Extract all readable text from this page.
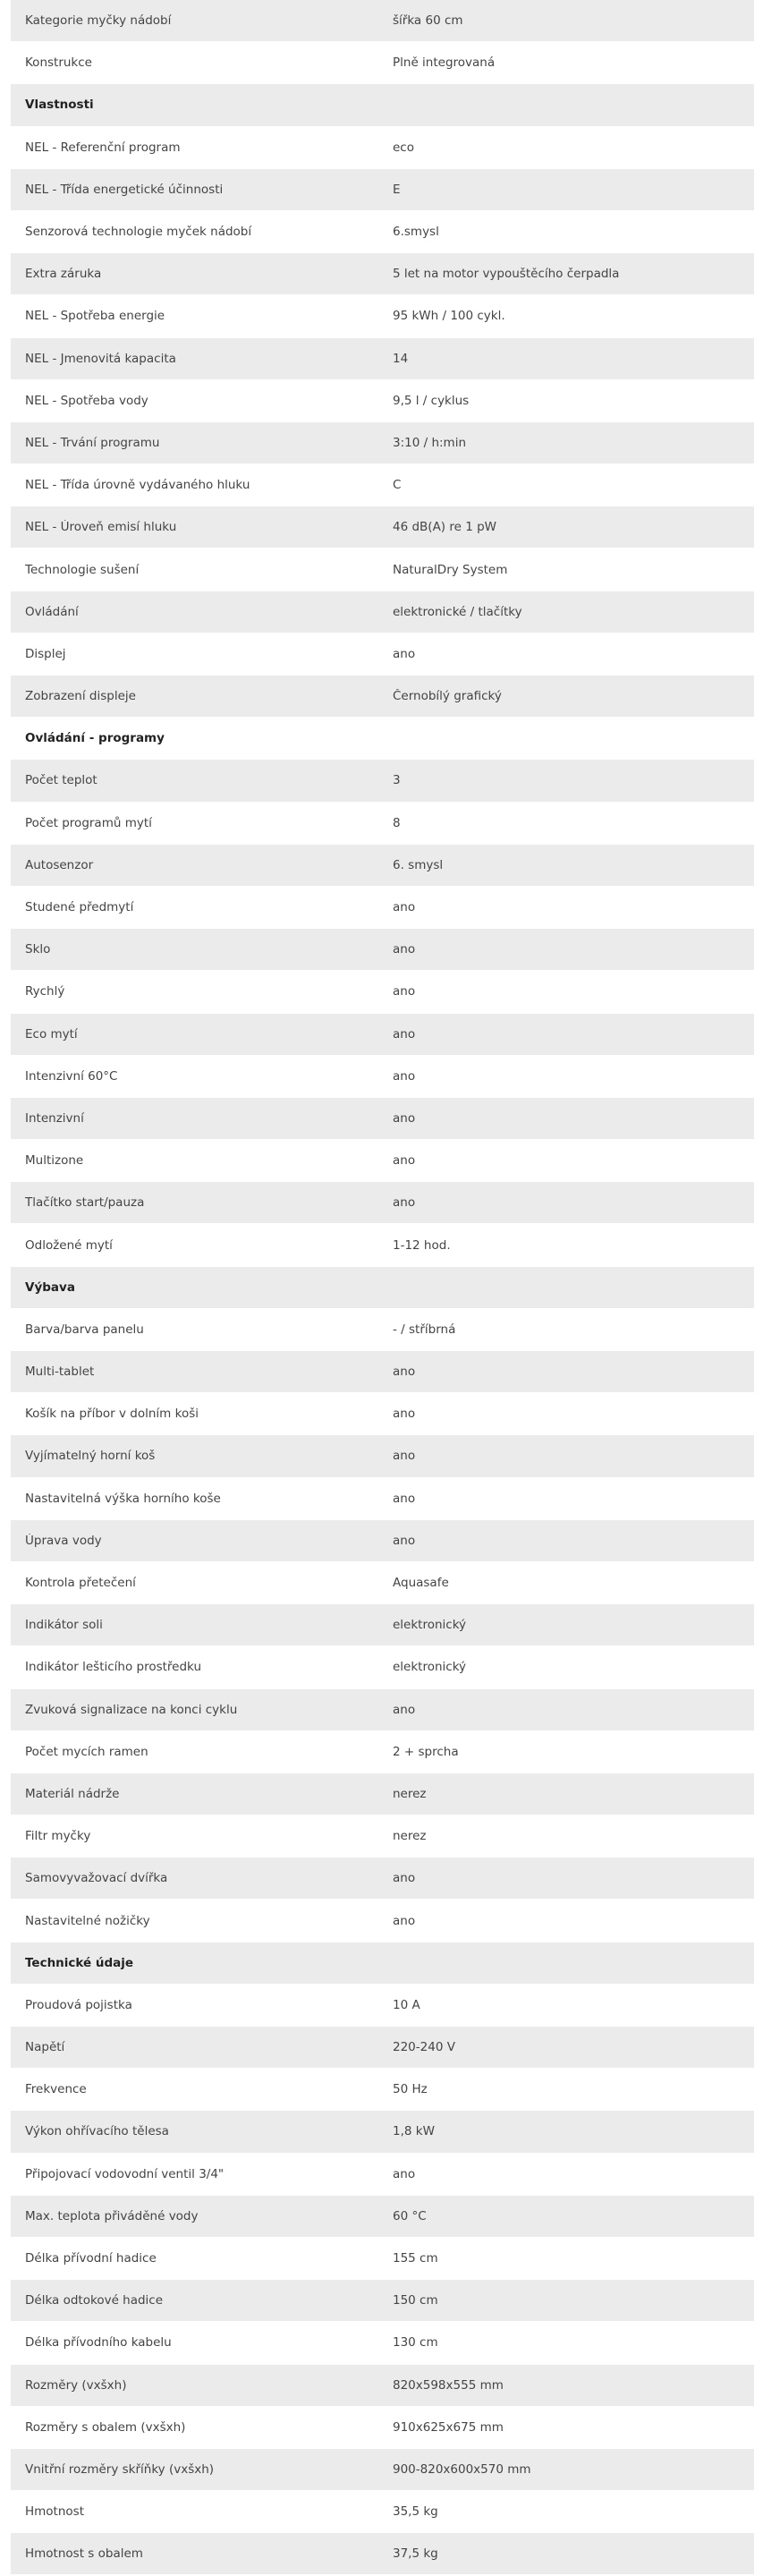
Kategorie myčky nádobí	šířka 60 cm
Konstrukce	Plně integrovaná
Vlastnosti
NEL - Referenční program	eco
NEL - Třída energetické účinnosti	E
Senzorová technologie myček nádobí	6.smysl
Extra záruka	5 let na motor vypouštěcího čerpadla
NEL - Spotřeba energie	95 kWh / 100 cykl.
NEL - Jmenovitá kapacita	14
NEL - Spotřeba vody	9,5 l / cyklus
NEL - Trvání programu	3:10 / h:min
NEL - Třída úrovně vydávaného hluku	C
NEL - Úroveň emisí hluku	46 dB(A) re 1 pW
Technologie sušení	NaturalDry System
Ovládání	elektronické / tlačítky
Displej	ano
Zobrazení displeje	Černobílý grafický
Ovládání - programy
Počet teplot	3
Počet programů mytí	8
Autosenzor	6. smysl
Studené předmytí	ano
Sklo	ano
Rychlý	ano
Eco mytí	ano
Intenzivní 60°C	ano
Intenzivní	ano
Multizone	ano
Tlačítko start/pauza	ano
Odložené mytí	1-12 hod.
Výbava
Barva/barva panelu	- / stříbrná
Multi-tablet	ano
Košík na příbor v dolním koši	ano
Vyjímatelný horní koš	ano
Nastavitelná výška horního koše	ano
Úprava vody	ano
Kontrola přetečení	Aquasafe
Indikátor soli	elektronický
Indikátor lešticího prostředku	elektronický
Zvuková signalizace na konci cyklu	ano
Počet mycích ramen	2 + sprcha
Materiál nádrže	nerez
Filtr myčky	nerez
Samovyvažovací dvířka	ano
Nastavitelné nožičky	ano
Technické údaje
Proudová pojistka	10 A
Napětí	220-240 V
Frekvence	50 Hz
Výkon ohřívacího tělesa	1,8 kW
Připojovací vodovodní ventil 3/4"	ano
Max. teplota přiváděné vody	60 °C
Délka přívodní hadice	155 cm
Délka odtokové hadice	150 cm
Délka přívodního kabelu	130 cm
Rozměry (vxšxh)	820x598x555 mm
Rozměry s obalem (vxšxh)	910x625x675 mm
Vnitřní rozměry skříňky (vxšxh)	900-820x600x570 mm
Hmotnost	35,5 kg
Hmotnost s obalem	37,5 kg
